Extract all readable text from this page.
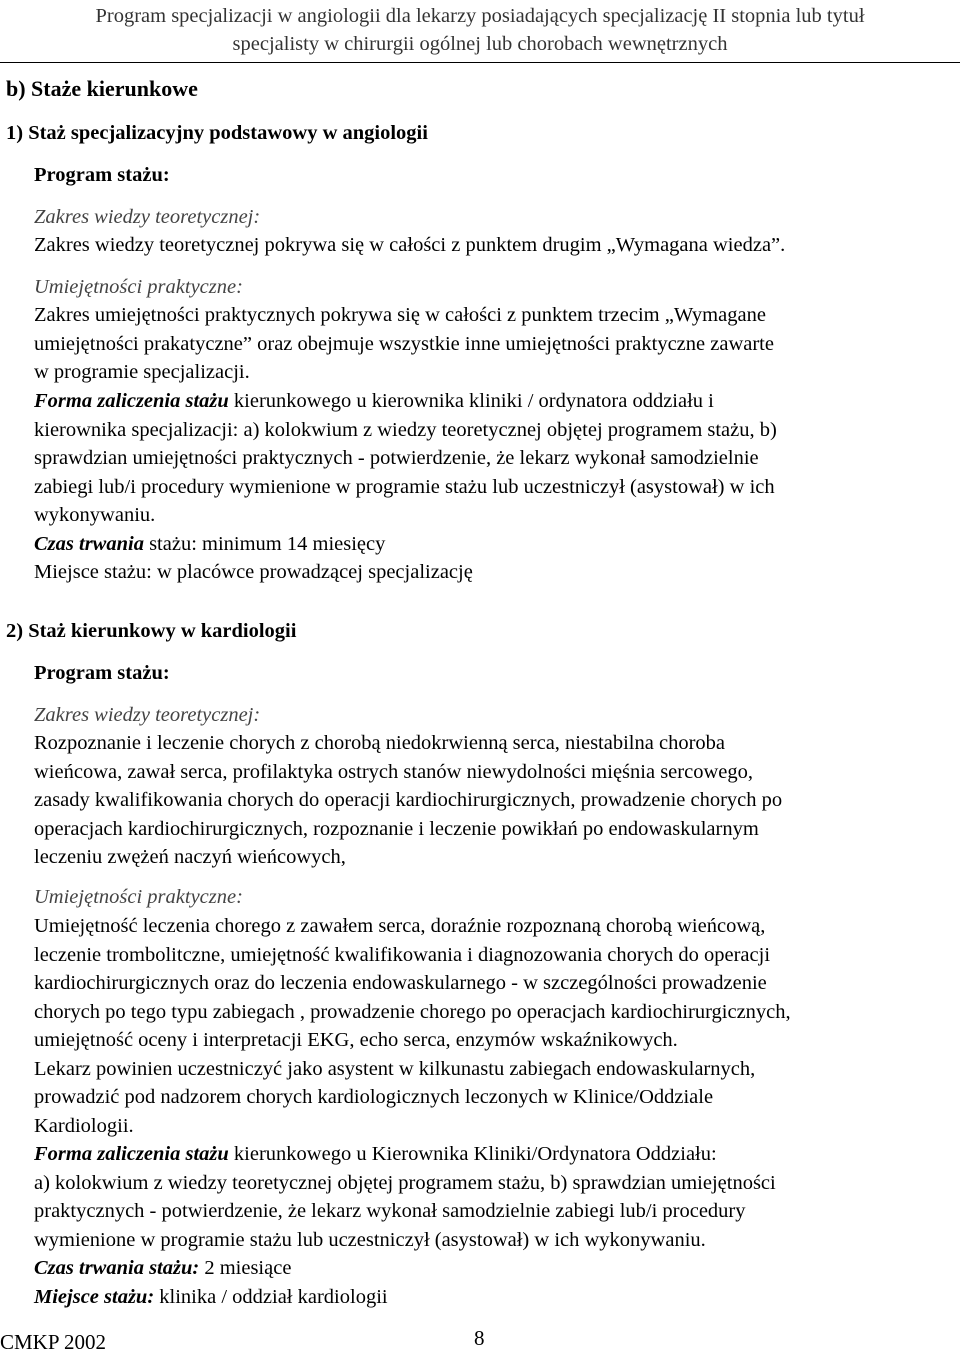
Program specjalizacji w angiologii dla lekarzy posiadających specjalizację II stopnia lub tytuł
specjalisty w chirurgii ogólnej lub chorobach wewnętrznych
b) Staże kierunkowe
1) Staż specjalizacyjny podstawowy w angiologii
Program stażu:
Zakres wiedzy teoretycznej:
Zakres wiedzy teoretycznej pokrywa się w całości z punktem drugim „Wymagana wiedza”.
Umiejętności praktyczne:
Zakres umiejętności praktycznych pokrywa się w całości z punktem trzecim „Wymagane
umiejętności prakatyczne” oraz obejmuje wszystkie inne umiejętności praktyczne zawarte
w programie specjalizacji.
Forma zaliczenia stażu kierunkowego u kierownika kliniki / ordynatora oddziału i
kierownika specjalizacji: a) kolokwium z wiedzy teoretycznej objętej programem stażu, b)
sprawdzian umiejętności praktycznych - potwierdzenie, że lekarz wykonał samodzielnie
zabiegi lub/i procedury wymienione w programie stażu lub uczestniczył (asystował) w ich
wykonywaniu.
Czas trwania stażu: minimum 14 miesięcy
Miejsce stażu: w placówce prowadzącej specjalizację
2) Staż kierunkowy w kardiologii
Program stażu:
Zakres wiedzy teoretycznej:
Rozpoznanie i leczenie chorych z chorobą niedokrwienną serca, niestabilna choroba
wieńcowa, zawał serca, profilaktyka ostrych stanów niewydolności mięśnia sercowego,
zasady kwalifikowania chorych do operacji kardiochirurgicznych, prowadzenie chorych po
operacjach kardiochirurgicznych, rozpoznanie i leczenie powikłań po endowaskularnym
leczeniu zwężeń naczyń wieńcowych,
Umiejętności praktyczne:
Umiejętność leczenia chorego z zawałem serca, doraźnie rozpoznaną chorobą wieńcową,
leczenie trombolitczne, umiejętność kwalifikowania i diagnozowania chorych do operacji
kardiochirurgicznych oraz do leczenia endowaskularnego - w szczególności prowadzenie
chorych po tego typu zabiegach , prowadzenie chorego po operacjach kardiochirurgicznych,
umiejętność oceny i interpretacji EKG, echo serca, enzymów wskaźnikowych.
Lekarz powinien uczestniczyć jako asystent w kilkunastu zabiegach endowaskularnych,
prowadzić pod nadzorem chorych kardiologicznych leczonych w Klinice/Oddziale
Kardiologii.
Forma zaliczenia stażu kierunkowego u Kierownika Kliniki/Ordynatora Oddziału:
a) kolokwium z wiedzy teoretycznej objętej programem stażu, b) sprawdzian umiejętności
praktycznych - potwierdzenie, że lekarz wykonał samodzielnie zabiegi lub/i procedury
wymienione w programie stażu lub uczestniczył (asystował) w ich wykonywaniu.
Czas trwania stażu: 2 miesiące
Miejsce stażu: klinika / oddział kardiologii
CMKP 2002	8
